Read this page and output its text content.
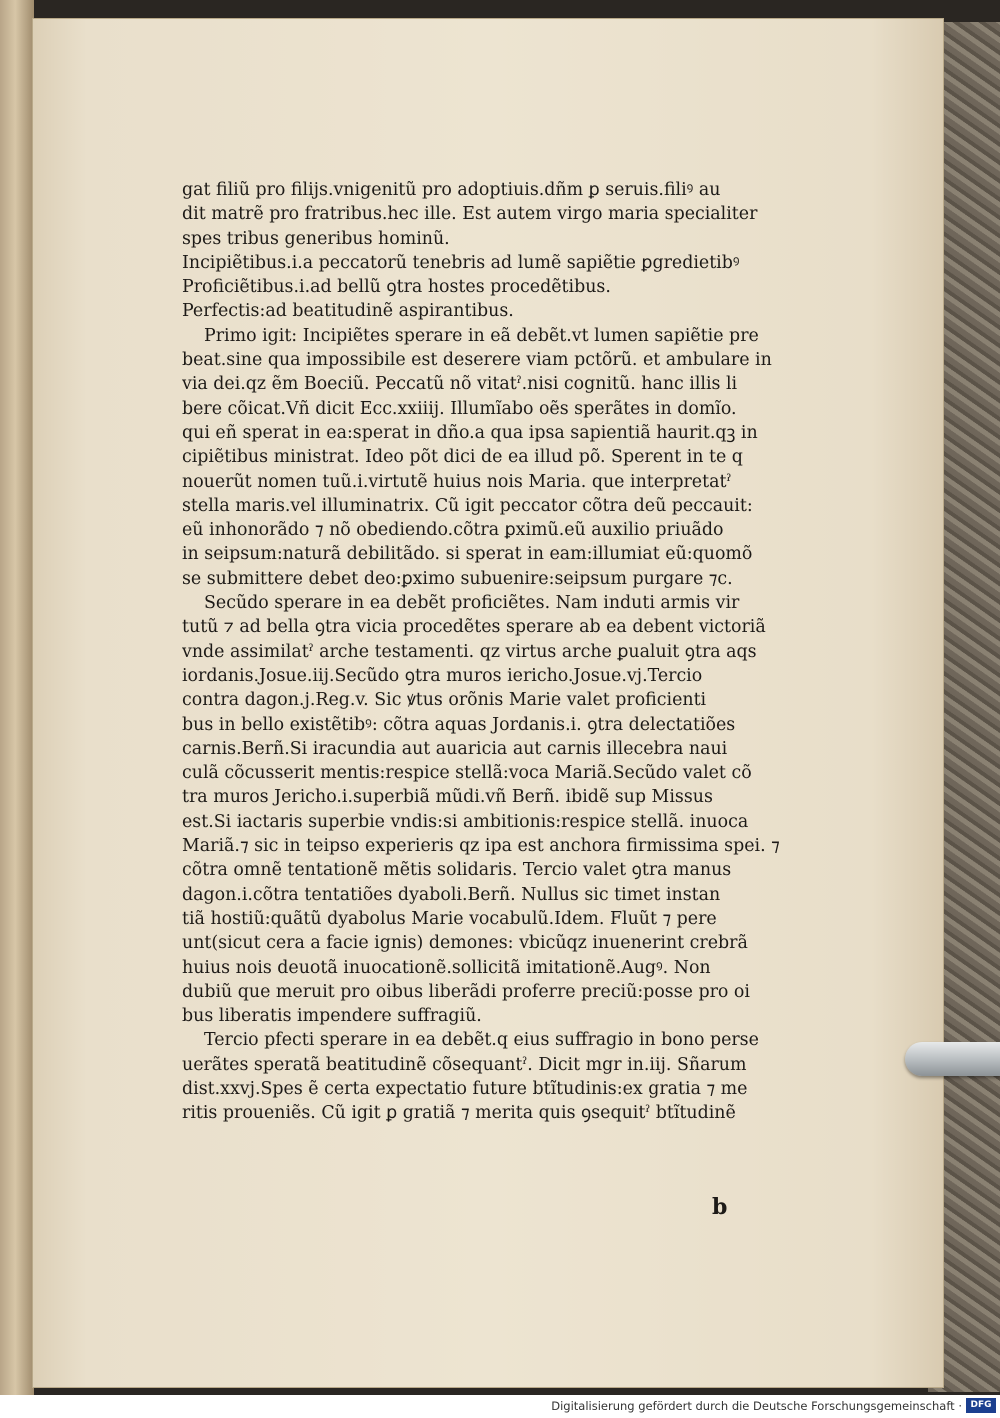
gat filiũ pro filijs.vnigenitũ pro adoptiuis.dñm ꝑ seruis.filiꝰ au
dit matrẽ pro fratribus.hec ille. Est autem virgo maria specialiter
spes tribus generibus hominũ.
Incipiẽtibus.i.a peccatorũ tenebris ad lumẽ sapiẽtie ꝑgredietibꝰ
Proficiẽtibus.i.ad bellũ ꝯtra hostes procedẽtibus.
Perfectis:ad beatitudinẽ aspirantibus.
Primo igit: Incipiẽtes sperare in eã debẽt.vt lumen sapiẽtie pre
beat.sine qua impossibile est deserere viam pctõrũ. et ambulare in
via dei.qz ẽm Boeciũ. Peccatũ nõ vitatˀ.nisi cognitũ. hanc illis li
bere cõicat.Vñ dicit Ecc.xxiiij. Illumĩabo oẽs sperãtes in domĩo.
qui eñ sperat in ea:sperat in dño.a qua ipsa sapientiã haurit.qꝫ in
cipiẽtibus ministrat. Ideo põt dici de ea illud põ. Sperent in te q
nouerũt nomen tuũ.i.virtutẽ huius nois Maria. que interpretatˀ
stella maris.vel illuminatrix. Cũ igit peccator cõtra deũ peccauit:
eũ inhonorãdo ⁊ nõ obediendo.cõtra ꝑximũ.eũ auxilio priuãdo
in seipsum:naturã debilitãdo. si sperat in eam:illumiat eũ:quomõ
se submittere debet deo:ꝑximo subuenire:seipsum purgare ⁊c.
Secũdo sperare in ea debẽt proficiẽtes. Nam induti armis vir
tutũ ⁊ ad bella ꝯtra vicia procedẽtes sperare ab ea debent victoriã
vnde assimilatˀ arche testamenti. qz virtus arche ꝑualuit ꝯtra aqs
iordanis.Josue.iij.Secũdo ꝯtra muros iericho.Josue.vj.Tercio
contra dagon.j.Reg.v. Sic ꝟtus orõnis Marie valet proficienti
bus in bello existẽtibꝰ: cõtra aquas Jordanis.i. ꝯtra delectatiões
carnis.Berñ.Si iracundia aut auaricia aut carnis illecebra naui
culã cõcusserit mentis:respice stellã:voca Mariã.Secũdo valet cõ
tra muros Jericho.i.superbiã mũdi.vñ Berñ. ibidẽ sup Missus
est.Si iactaris superbie vndis:si ambitionis:respice stellã. inuoca
Mariã.⁊ sic in teipso experieris qz ipa est anchora firmissima spei. ⁊
cõtra omnẽ tentationẽ mẽtis solidaris. Tercio valet ꝯtra manus
dagon.i.cõtra tentatiões dyaboli.Berñ. Nullus sic timet instan
tiã hostiũ:quãtũ dyabolus Marie vocabulũ.Idem. Fluũt ⁊ pere
unt(sicut cera a facie ignis) demones: vbicũqz inuenerint crebrã
huius nois deuotã inuocationẽ.sollicitã imitationẽ.Augꝰ. Non
dubiũ que meruit pro oibus liberãdi proferre preciũ:posse pro oi
bus liberatis impendere suffragiũ.
Tercio pfecti sperare in ea debẽt.q eius suffragio in bono perse
uerãtes speratã beatitudinẽ cõsequantˀ. Dicit mgr in.iij. Sñarum
dist.xxvj.Spes ẽ certa expectatio future btĩtudinis:ex gratia ⁊ me
ritis proueniẽs. Cũ igit ꝑ gratiã ⁊ merita quis ꝯsequitˀ btĩtudinẽ
b
Digitalisierung gefördert durch die Deutsche Forschungsgemeinschaft · DFG
